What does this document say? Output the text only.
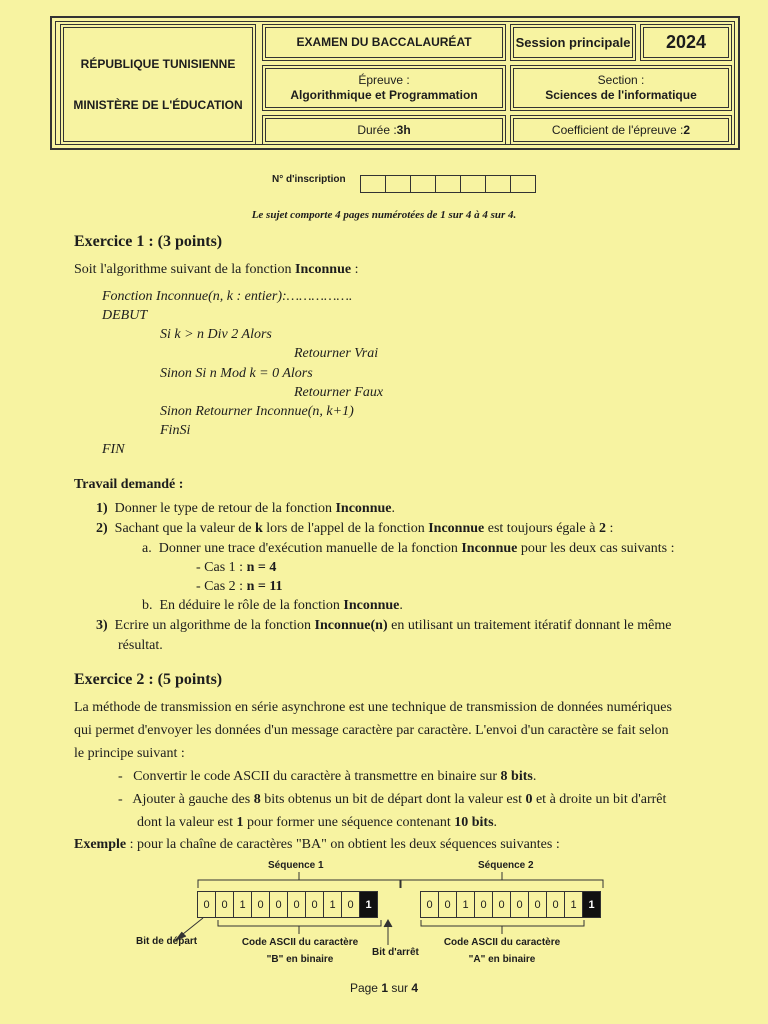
RÉPUBLIQUE TUNISIENNE
MINISTÈRE DE L'ÉDUCATION
EXAMEN DU BACCALAURÉAT	Session principale 2024
Épreuve :
Algorithmique et Programmation
Section :
Sciences de l'informatique
Durée : 3h	Coefficient de l'épreuve : 2
N° d'inscription
Le sujet comporte 4 pages numérotées de 1 sur 4 à 4 sur 4.
Exercice 1 : (3 points)
Soit l'algorithme suivant de la fonction Inconnue :
Fonction Inconnue(n, k : entier):…………….
DEBUT
Si k > n Div 2 Alors
Retourner Vrai
Sinon Si n Mod k = 0 Alors
Retourner Faux
Sinon Retourner Inconnue(n, k+1)
FinSi
FIN
Travail demandé :
1) Donner le type de retour de la fonction Inconnue.
2) Sachant que la valeur de k lors de l'appel de la fonction Inconnue est toujours égale à 2 :
a. Donner une trace d'exécution manuelle de la fonction Inconnue pour les deux cas suivants :
- Cas 1 : n = 4
- Cas 2 : n = 11
b. En déduire le rôle de la fonction Inconnue.
3) Ecrire un algorithme de la fonction Inconnue(n) en utilisant un traitement itératif donnant le même
résultat.
Exercice 2 : (5 points)
La méthode de transmission en série asynchrone est une technique de transmission de données numériques
qui permet d'envoyer les données d'un message caractère par caractère. L'envoi d'un caractère se fait selon
le principe suivant :
-   Convertir le code ASCII du caractère à transmettre en binaire sur 8 bits.
-   Ajouter à gauche des 8 bits obtenus un bit de départ dont la valeur est 0 et à droite un bit d'arrêt
dont la valeur est 1 pour former une séquence contenant 10 bits.
Exemple : pour la chaîne de caractères "BA" on obtient les deux séquences suivantes :
Séquence 1	Séquence 2
0	0	1	0	0	0	0	1	0	1	0	0	1	0	0	0	0	0	1	1
Bit de départ	Code ASCII du caractère
"B" en binaire
Bit d'arrêt
Code ASCII du caractère
"A" en binaire
Page 1 sur 4
